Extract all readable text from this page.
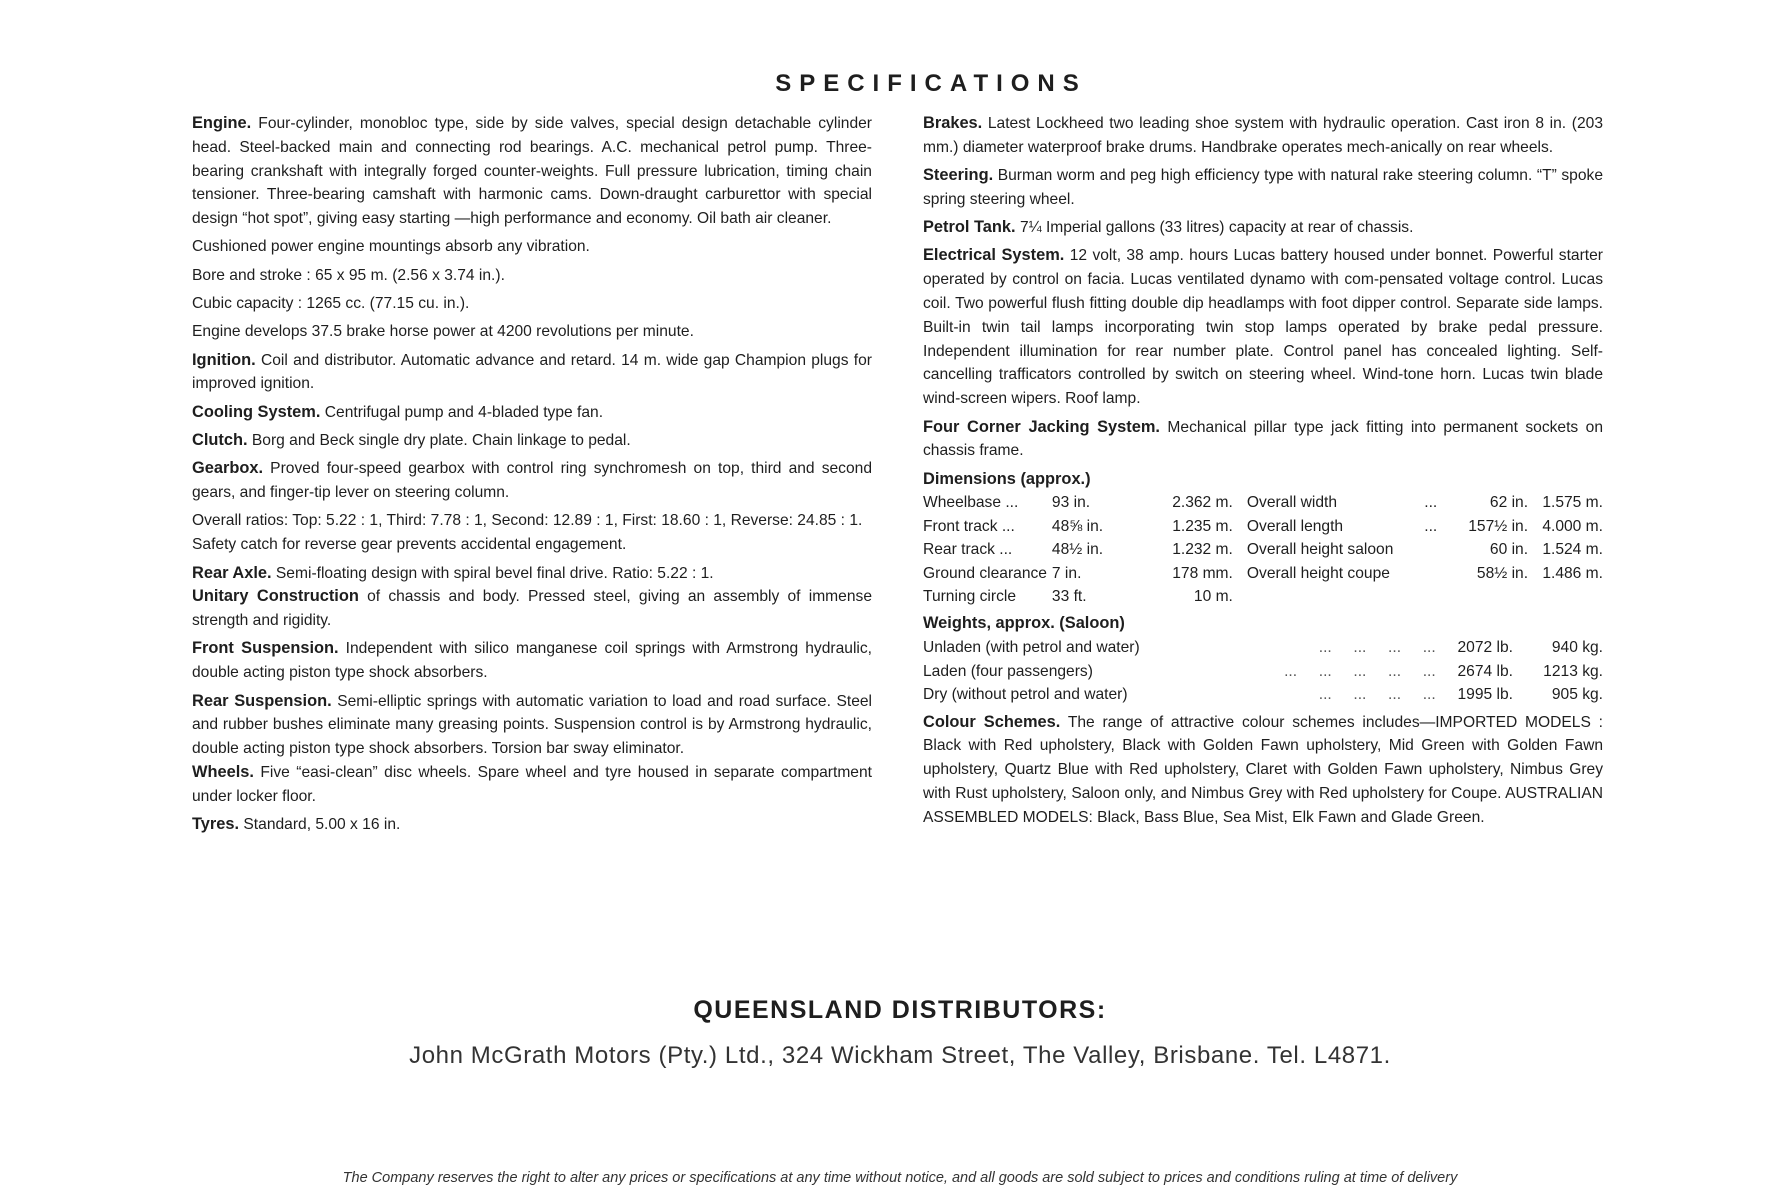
SPECIFICATIONS

Engine. Four-cylinder, monobloc type, side by side valves, special design detachable cylinder head. Steel-backed main and connecting rod bearings. A.C. mechanical petrol pump. Three-bearing crankshaft with integrally forged counter-weights. Full pressure lubrication, timing chain tensioner. Three-bearing camshaft with harmonic cams. Down-draught carburettor with special design “hot spot”, giving easy starting —high performance and economy. Oil bath air cleaner.

Cushioned power engine mountings absorb any vibration.

Bore and stroke : 65 x 95 m. (2.56 x 3.74 in.).

Cubic capacity : 1265 cc. (77.15 cu. in.).

Engine develops 37.5 brake horse power at 4200 revolutions per minute.

Ignition. Coil and distributor. Automatic advance and retard. 14 m. wide gap Champion plugs for improved ignition.

Cooling System. Centrifugal pump and 4-bladed type fan.

Clutch. Borg and Beck single dry plate. Chain linkage to pedal.

Gearbox. Proved four-speed gearbox with control ring synchromesh on top, third and second gears, and finger-tip lever on steering column.

Overall ratios: Top: 5.22 : 1, Third: 7.78 : 1, Second: 12.89 : 1, First: 18.60 : 1, Reverse: 24.85 : 1.

Safety catch for reverse gear prevents accidental engagement.

Rear Axle. Semi-floating design with spiral bevel final drive. Ratio: 5.22 : 1.

Unitary Construction of chassis and body. Pressed steel, giving an assembly of immense strength and rigidity.

Front Suspension. Independent with silico manganese coil springs with Armstrong hydraulic, double acting piston type shock absorbers.

Rear Suspension. Semi-elliptic springs with automatic variation to load and road surface. Steel and rubber bushes eliminate many greasing points. Suspension control is by Armstrong hydraulic, double acting piston type shock absorbers. Torsion bar sway eliminator.

Wheels. Five “easi-clean” disc wheels. Spare wheel and tyre housed in separate compartment under locker floor.

Tyres. Standard, 5.00 x 16 in.

Brakes. Latest Lockheed two leading shoe system with hydraulic operation. Cast iron 8 in. (203 mm.) diameter waterproof brake drums. Handbrake operates mech-anically on rear wheels.

Steering. Burman worm and peg high efficiency type with natural rake steering column. “T” spoke spring steering wheel.

Petrol Tank. 7¼ Imperial gallons (33 litres) capacity at rear of chassis.

Electrical System. 12 volt, 38 amp. hours Lucas battery housed under bonnet. Powerful starter operated by control on facia. Lucas ventilated dynamo with com-pensated voltage control. Lucas coil. Two powerful flush fitting double dip headlamps with foot dipper control. Separate side lamps. Built-in twin tail lamps incorporating twin stop lamps operated by brake pedal pressure. Independent illumination for rear number plate. Control panel has concealed lighting. Self-cancelling trafficators controlled by switch on steering wheel. Wind-tone horn. Lucas twin blade wind-screen wipers. Roof lamp.

Four Corner Jacking System. Mechanical pillar type jack fitting into permanent sockets on chassis frame.

Dimensions (approx.)
Wheelbase ...	93 in.	2.362 m.	Overall width	...	62 in.	1.575 m.
Front track ...	48⅝ in.	1.235 m.	Overall length	...	157½ in.	4.000 m.
Rear track ...	48½ in.	1.232 m.	Overall height saloon		60 in.	1.524 m.
Ground clearance	7 in.	178 mm.	Overall height coupe		58½ in.	1.486 m.
Turning circle	33 ft.	10 m.				
Weights, approx. (Saloon)
Unladen (with petrol and water)	...     ...     ...     ...	2072 lb.	940 kg.
Laden (four passengers)	...     ...     ...     ...     ...	2674 lb.	1213 kg.
Dry (without petrol and water)	...     ...     ...     ...	1995 lb.	905 kg.

Colour Schemes. The range of attractive colour schemes includes—IMPORTED MODELS : Black with Red upholstery, Black with Golden Fawn upholstery, Mid Green with Golden Fawn upholstery, Quartz Blue with Red upholstery, Claret with Golden Fawn upholstery, Nimbus Grey with Rust upholstery, Saloon only, and Nimbus Grey with Red upholstery for Coupe. AUSTRALIAN ASSEMBLED MODELS: Black, Bass Blue, Sea Mist, Elk Fawn and Glade Green.

QUEENSLAND DISTRIBUTORS:
John McGrath Motors (Pty.) Ltd., 324 Wickham Street, The Valley, Brisbane. Tel. L4871.
The Company reserves the right to alter any prices or specifications at any time without notice, and all goods are sold subject to prices and conditions ruling at time of delivery
